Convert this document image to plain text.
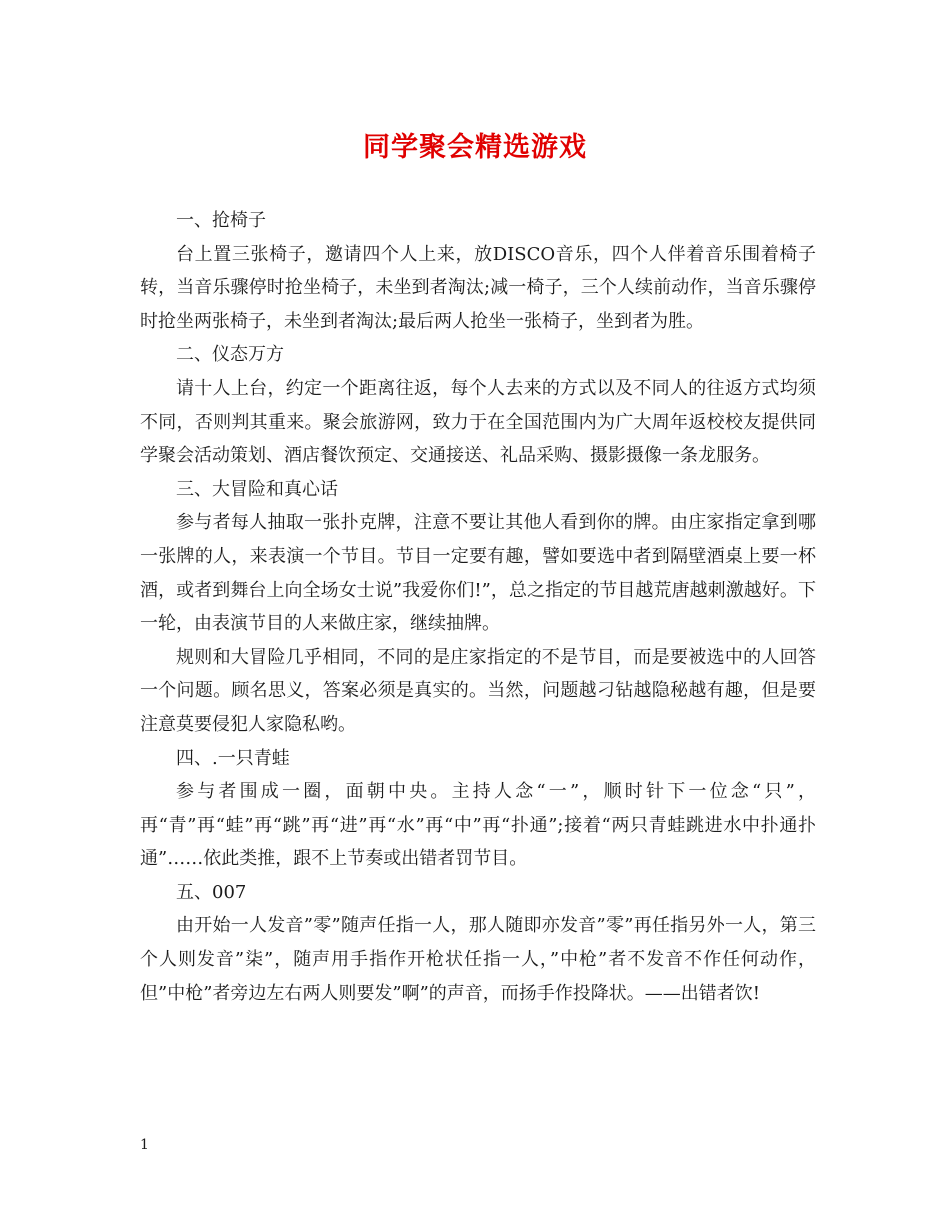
同学聚会精选游戏

一、抢椅子

台上置三张椅子，邀请四个人上来，放DISCO音乐，四个人伴着音乐围着椅子转，当音乐骤停时抢坐椅子，未坐到者淘汰;减一椅子，三个人续前动作，当音乐骤停时抢坐两张椅子，未坐到者淘汰;最后两人抢坐一张椅子，坐到者为胜。

二、仪态万方

请十人上台，约定一个距离往返，每个人去来的方式以及不同人的往返方式均须不同，否则判其重来。聚会旅游网，致力于在全国范围内为广大周年返校校友提供同学聚会活动策划、酒店餐饮预定、交通接送、礼品采购、摄影摄像一条龙服务。

三、大冒险和真心话

参与者每人抽取一张扑克牌，注意不要让其他人看到你的牌。由庄家指定拿到哪一张牌的人，来表演一个节目。节目一定要有趣，譬如要选中者到隔壁酒桌上要一杯酒，或者到舞台上向全场女士说”我爱你们!”，总之指定的节目越荒唐越刺激越好。下一轮，由表演节目的人来做庄家，继续抽牌。

规则和大冒险几乎相同，不同的是庄家指定的不是节目，而是要被选中的人回答一个问题。顾名思义，答案必须是真实的。当然，问题越刁钻越隐秘越有趣，但是要注意莫要侵犯人家隐私哟。

四、.一只青蛙

参与者围成一圈，面朝中央。主持人念“一”，顺时针下一位念“只”，再“青”再“蛙”再“跳”再“进”再“水”再“中”再“扑通”;接着“两只青蛙跳进水中扑通扑通”……依此类推，跟不上节奏或出错者罚节目。

五、007

由开始一人发音”零”随声任指一人，那人随即亦发音”零”再任指另外一人，第三个人则发音”柒”，随声用手指作开枪状任指一人，”中枪”者不发音不作任何动作，但”中枪”者旁边左右两人则要发”啊”的声音，而扬手作投降状。——出错者饮!

1
